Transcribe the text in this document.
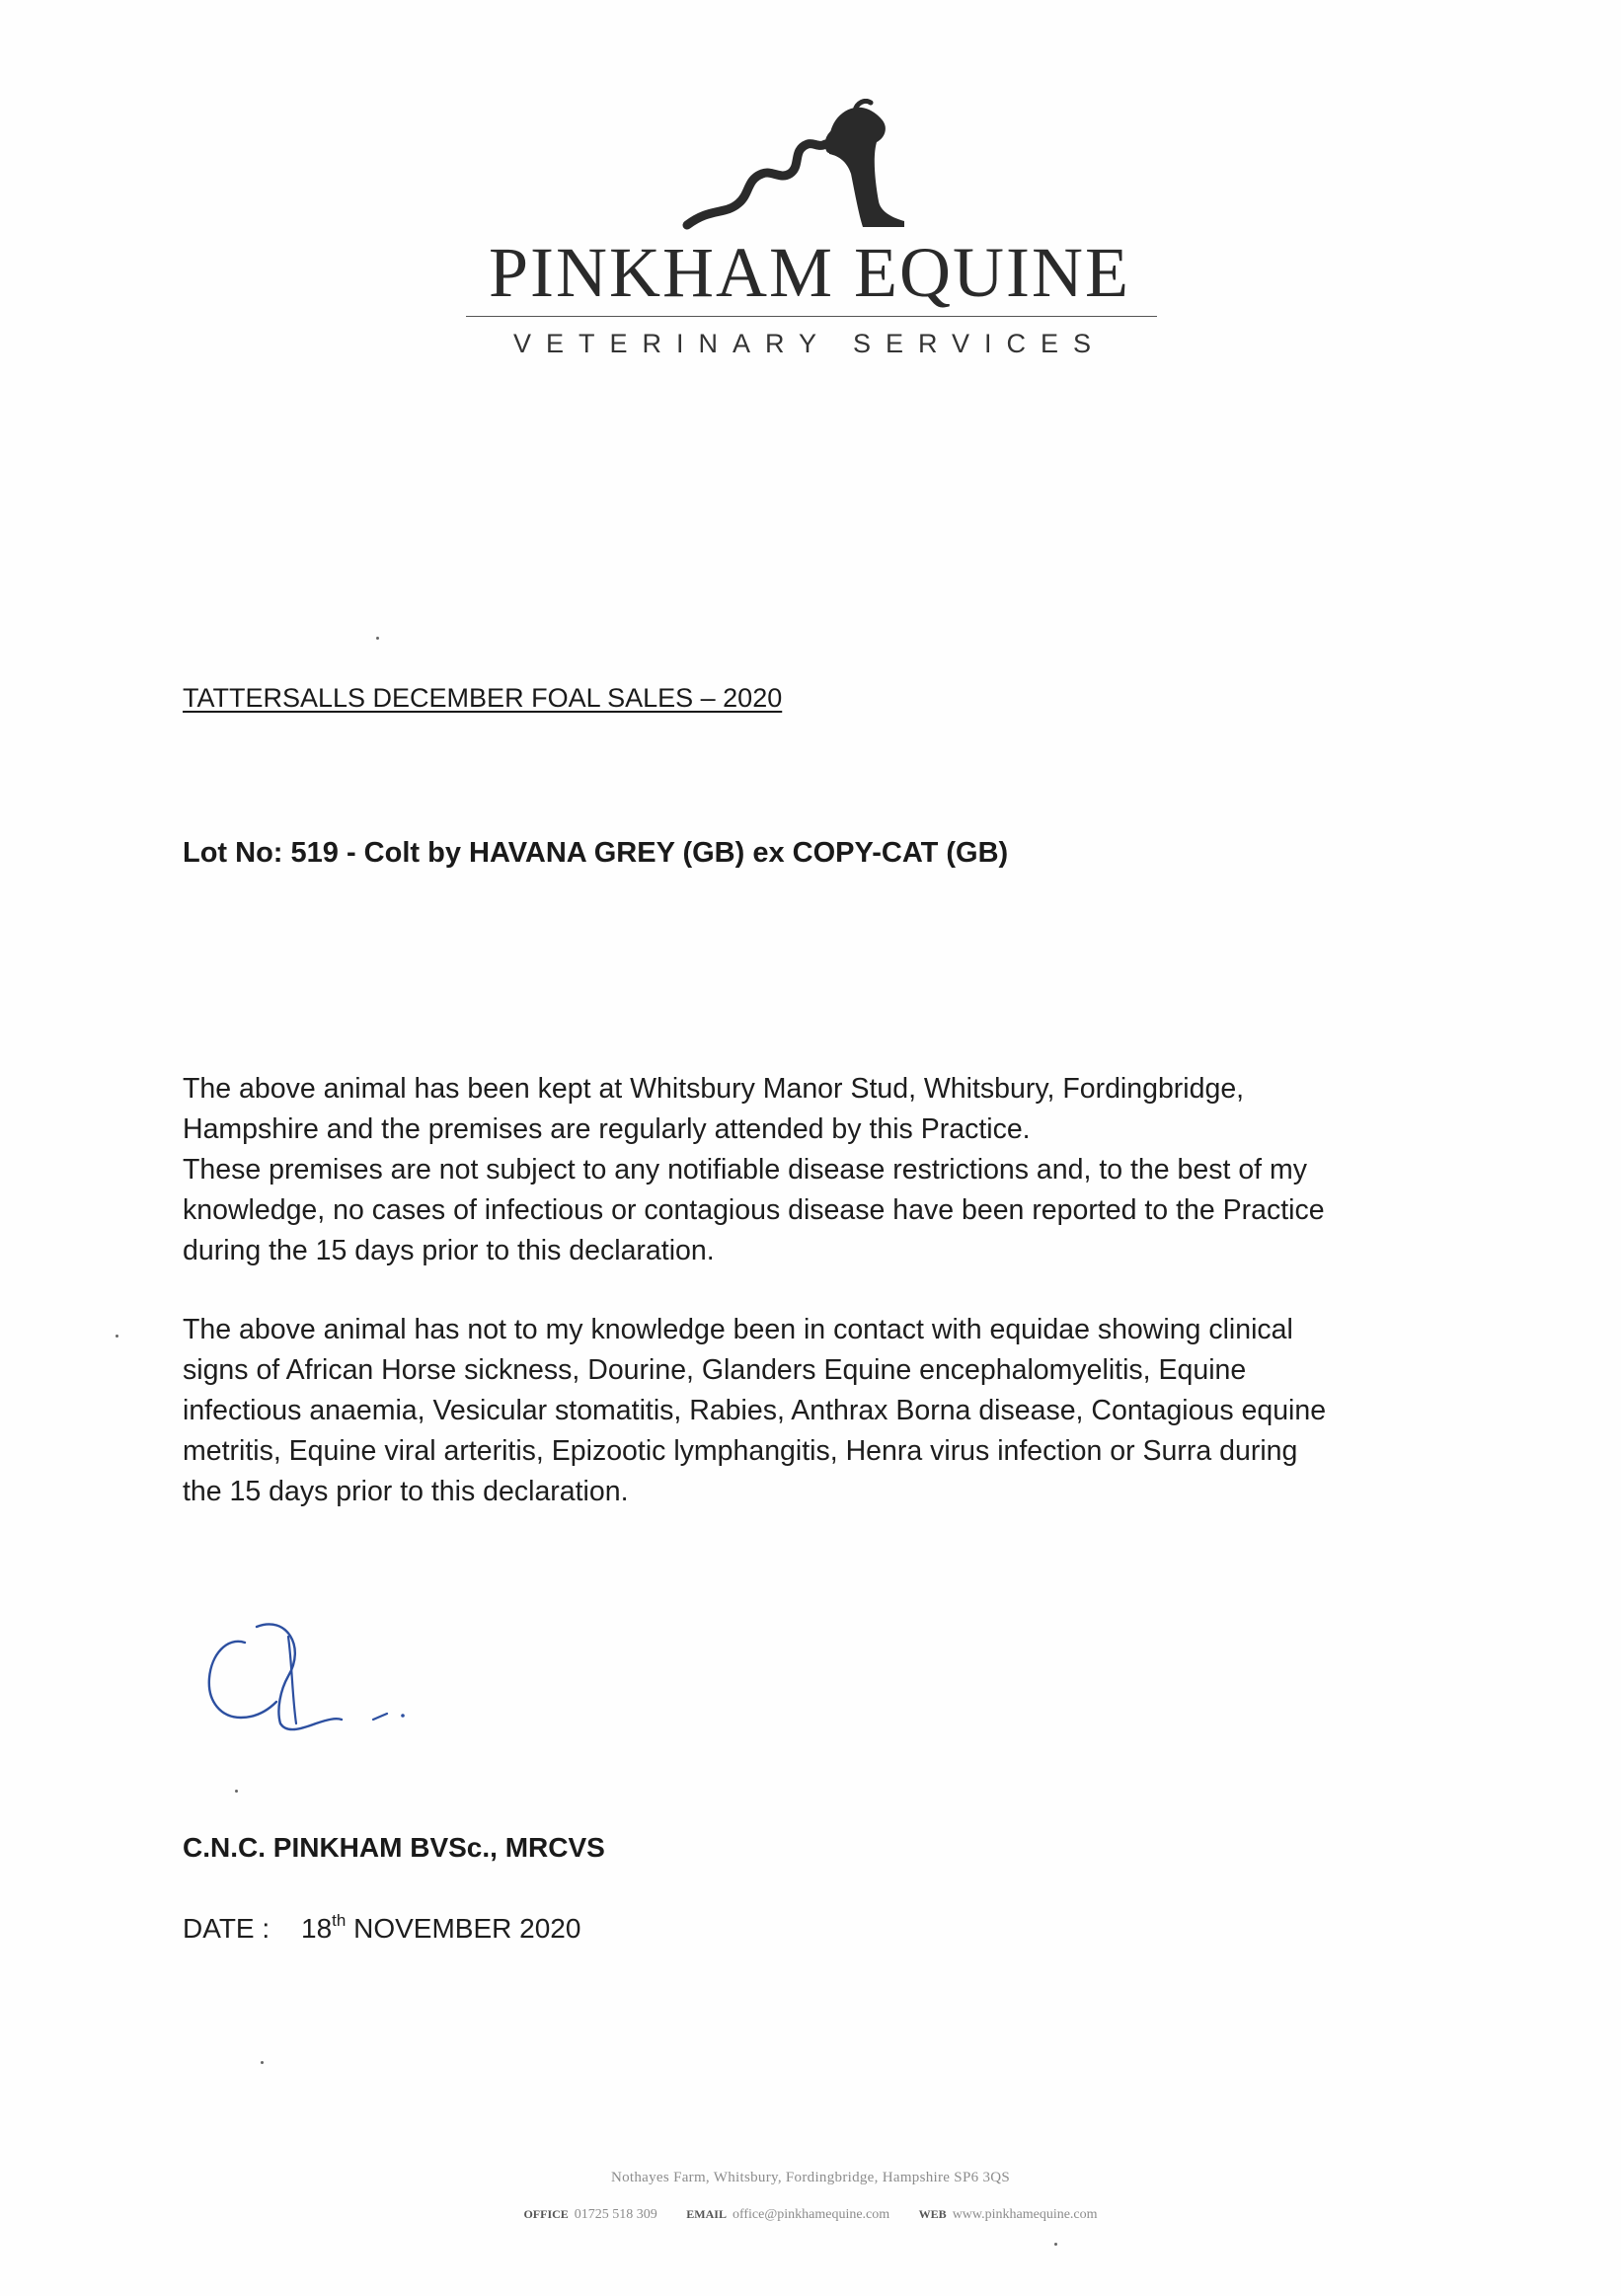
PINKHAM EQUINE
VETERINARY SERVICES
TATTERSALLS DECEMBER FOAL SALES – 2020
Lot No: 519 - Colt by HAVANA GREY (GB) ex COPY-CAT (GB)
The above animal has been kept at Whitsbury Manor Stud, Whitsbury, Fordingbridge,
Hampshire and the premises are regularly attended by this Practice.
These premises are not subject to any notifiable disease restrictions and, to the best of my
knowledge, no cases of infectious or contagious disease have been reported to the Practice
during the 15 days prior to this declaration.
The above animal has not to my knowledge been in contact with equidae showing clinical
signs of African Horse sickness, Dourine, Glanders Equine encephalomyelitis, Equine
infectious anaemia, Vesicular stomatitis, Rabies, Anthrax Borna disease, Contagious equine
metritis, Equine viral arteritis, Epizootic lymphangitis, Henra virus infection or Surra during
the 15 days prior to this declaration.
C.N.C. PINKHAM BVSc., MRCVS
DATE : 18th NOVEMBER 2020
Nothayes Farm, Whitsbury, Fordingbridge, Hampshire SP6 3QS
OFFICE 01725 518 309 EMAIL office@pinkhamequine.com WEB www.pinkhamequine.com
